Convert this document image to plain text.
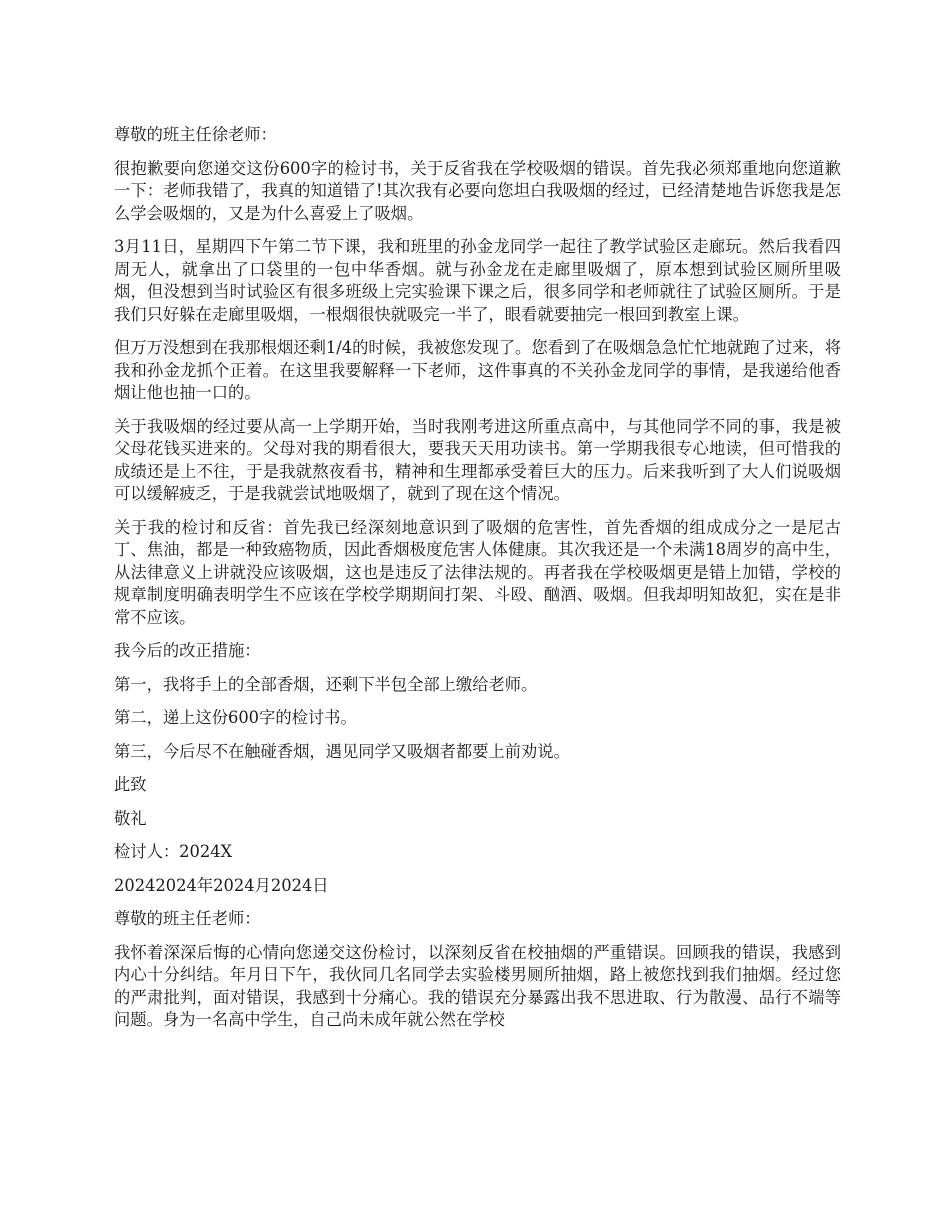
尊敬的班主任徐老师：

很抱歉要向您递交这份600字的检讨书，关于反省我在学校吸烟的错误。首先我必须郑重地向您道歉一下：老师我错了，我真的知道错了!其次我有必要向您坦白我吸烟的经过，已经清楚地告诉您我是怎么学会吸烟的，又是为什么喜爱上了吸烟。

3月11日，星期四下午第二节下课，我和班里的孙金龙同学一起往了教学试验区走廊玩。然后我看四周无人，就拿出了口袋里的一包中华香烟。就与孙金龙在走廊里吸烟了，原本想到试验区厕所里吸烟，但没想到当时试验区有很多班级上完实验课下课之后，很多同学和老师就往了试验区厕所。于是我们只好躲在走廊里吸烟，一根烟很快就吸完一半了，眼看就要抽完一根回到教室上课。

但万万没想到在我那根烟还剩1/4的时候，我被您发现了。您看到了在吸烟急急忙忙地就跑了过来，将我和孙金龙抓个正着。在这里我要解释一下老师，这件事真的不关孙金龙同学的事情，是我递给他香烟让他也抽一口的。

关于我吸烟的经过要从高一上学期开始，当时我刚考进这所重点高中，与其他同学不同的事，我是被父母花钱买进来的。父母对我的期看很大，要我天天用功读书。第一学期我很专心地读，但可惜我的成绩还是上不往，于是我就熬夜看书，精神和生理都承受着巨大的压力。后来我听到了大人们说吸烟可以缓解疲乏，于是我就尝试地吸烟了，就到了现在这个情况。

关于我的检讨和反省：首先我已经深刻地意识到了吸烟的危害性，首先香烟的组成成分之一是尼古丁、焦油，都是一种致癌物质，因此香烟极度危害人体健康。其次我还是一个未满18周岁的高中生，从法律意义上讲就没应该吸烟，这也是违反了法律法规的。再者我在学校吸烟更是错上加错，学校的规章制度明确表明学生不应该在学校学期期间打架、斗殴、酗酒、吸烟。但我却明知故犯，实在是非常不应该。

我今后的改正措施：

第一，我将手上的全部香烟，还剩下半包全部上缴给老师。

第二，递上这份600字的检讨书。

第三，今后尽不在触碰香烟，遇见同学又吸烟者都要上前劝说。

此致

敬礼

检讨人：2024X

20242024年2024月2024日

尊敬的班主任老师：

我怀着深深后悔的心情向您递交这份检讨，以深刻反省在校抽烟的严重错误。回顾我的错误，我感到内心十分纠结。年月日下午，我伙同几名同学去实验楼男厕所抽烟，路上被您找到我们抽烟。经过您的严肃批判，面对错误，我感到十分痛心。我的错误充分暴露出我不思进取、行为散漫、品行不端等问题。身为一名高中学生，自己尚未成年就公然在学校
